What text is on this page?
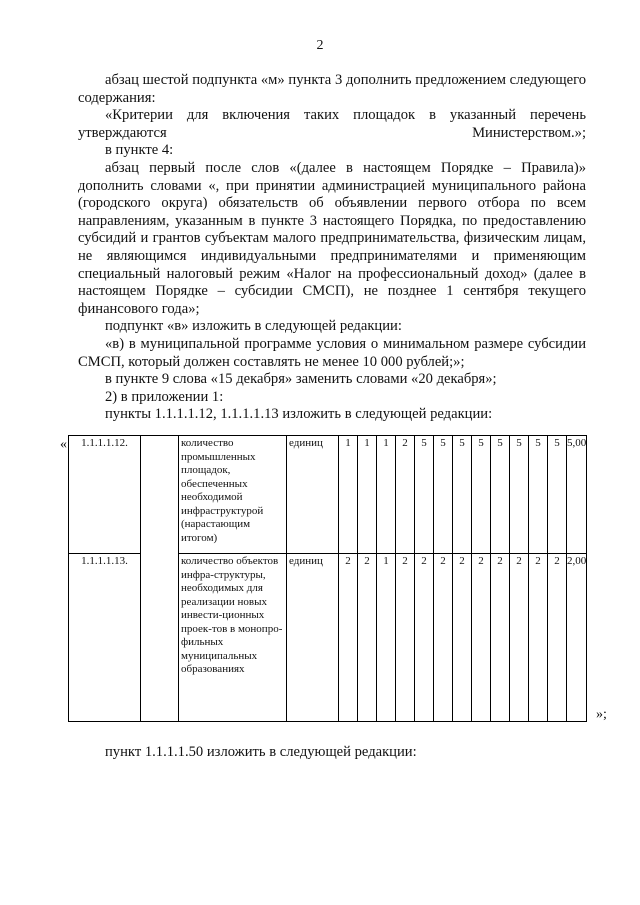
2

абзац шестой подпункта «м» пункта 3 дополнить предложением следующего содержания:

«Критерии для включения таких площадок в указанный перечень утверждаются Министерством.»;

в пункте 4:

абзац первый после слов «(далее в настоящем Порядке – Правила)» дополнить словами «, при принятии администрацией муниципального района (городского округа) обязательств об объявлении первого отбора по всем направлениям, указанным в пункте 3 настоящего Порядка, по предоставлению субсидий и грантов субъектам малого предпринимательства, физическим лицам, не являющимся индивидуальными предпринимателями и применяющим специальный налоговый режим «Налог на профессиональный доход» (далее в настоящем Порядке – субсидии СМСП), не позднее 1 сентября текущего финансового года»;

подпункт «в» изложить в следующей редакции:

«в) в муниципальной программе условия о минимальном размере субсидии СМСП, который должен составлять не менее 10 000 рублей;»;

в пункте 9 слова «15 декабря» заменить словами «20 декабря»;

2) в приложении 1:

пункты 1.1.1.1.12, 1.1.1.1.13 изложить в следующей редакции:

« 1.1.1.1.12.		количество промышленных площадок, обеспеченных необходимой инфраструктурой (нарастающим итогом)	единиц	1	1	1	2	5	5	5	5	5	5	5	5	5,00
1.1.1.1.13.		количество объектов инфра-структуры, необходимых для реализации новых инвести-ционных проек-тов в монопро-фильных муниципальных образованиях	единиц	2	2	1	2	2	2	2	2	2	2	2	2	2,00
»;
пункт 1.1.1.1.50 изложить в следующей редакции:
